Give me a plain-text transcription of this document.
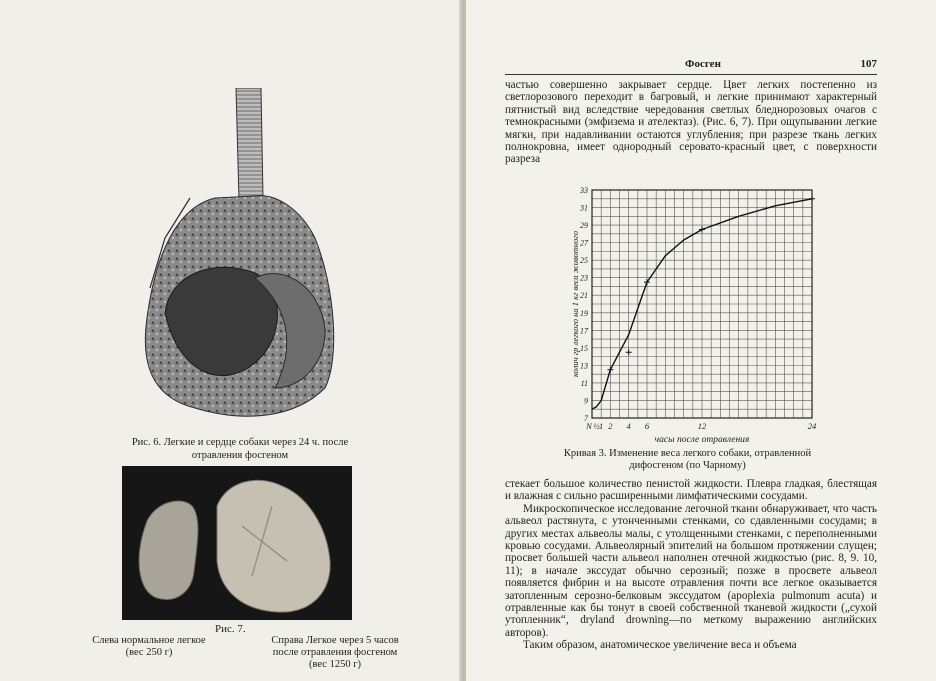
Рис. 6. Легкие и сердце собаки через 24 ч. после отравления фосгеном
Рис. 7.
Слева нормальное легкое
(вес 250 г)
Справа Легкое через 5 часов
после отравления фосгеном
(вес 1250 г)
Фосген	107

частью совершенно закрывает сердце. Цвет легких постепенно из светлорозового переходит в багровый, и легкие принимают характерный пятнистый вид вследствие чередования светлых бледнорозовых очагов с темнокрасными (эмфизема и ателектаз). (Рис. 6, 7). При ощупывании легкие мягки, при надавливании остаются углубления; при разрезе ткань легких полнокровна, имеет однородный серовато-красный цвет, с поверхности разреза

7
9
11
13
15
17
19
21
23
25
27
29
31
33
N ½ 1 2 4 6	12	24
часы после отравления
колич гр легкого на 1 кг веса животного
Кривая 3. Изменение веса легкого собаки, отравленной дифосгеном (по Чарному)

стекает большое количество пенистой жидкости. Плевра гладкая, блестящая и влажная с сильно расширенными лимфатическими сосудами.

Микроскопическое исследование легочной ткани обнаруживает, что часть альвеол растянута, с утонченными стенками, со сдавленными сосудами; в других местах альвеолы малы, с утолщенными стенками, с переполненными кровью сосудами. Альвеолярный эпителий на большом протяжении слущен; просвет большей части альвеол наполнен отечной жидкостью (рис. 8, 9. 10, 11); в начале экссудат обычно серозный; позже в просвете альвеол появляется фибрин и на высоте отравления почти все легкое оказывается затопленным серозно-белковым экссудатом (apoplexia pulmonum acuta) и отравленные как бы тонут в своей собственной тканевой жидкости („сухой утопленник“, dryland drowning—по меткому выражению английских авторов).

Таким образом, анатомическое увеличение веса и объема
